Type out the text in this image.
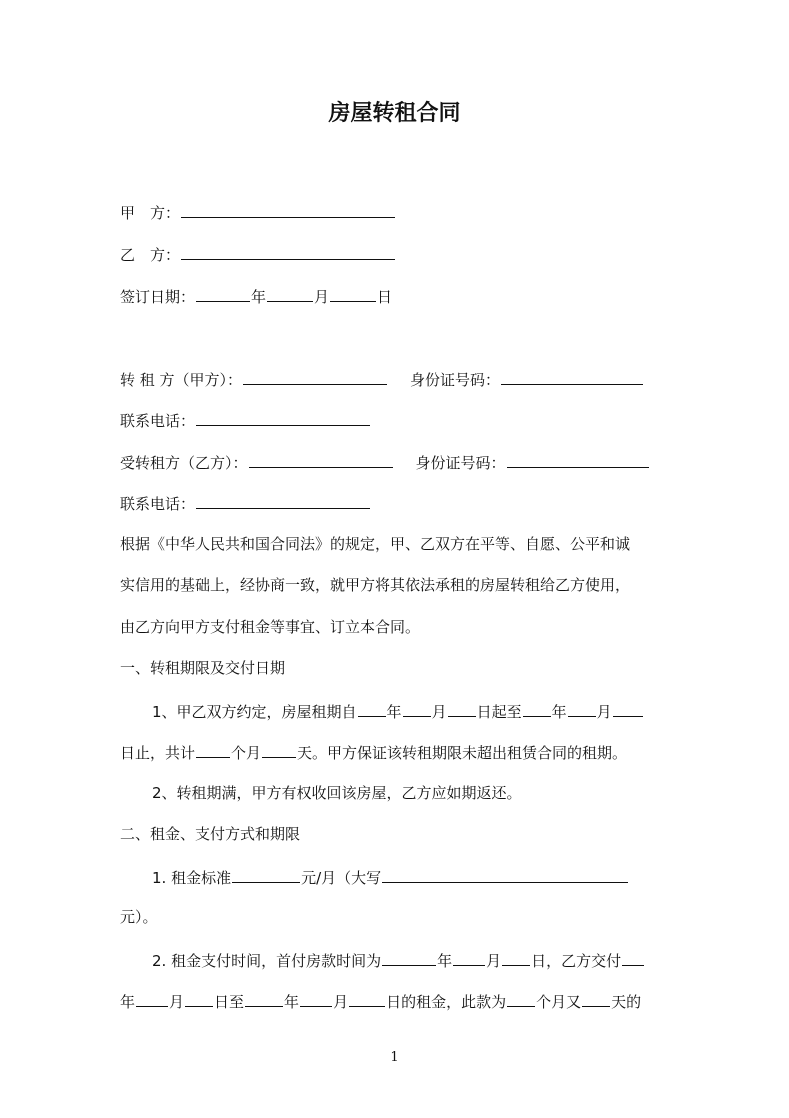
房屋转租合同
甲　方：
乙　方：
签订日期：	年	月	日
转 租 方（甲方）：	身份证号码：
联系电话：
受转租方（乙方）：	身份证号码：
联系电话：
根据《中华人民共和国合同法》的规定，甲、乙双方在平等、自愿、公平和诚
实信用的基础上，经协商一致，就甲方将其依法承租的房屋转租给乙方使用，
由乙方向甲方支付租金等事宜、订立本合同。
一、转租期限及交付日期
1、甲乙双方约定，房屋租期自 年 月 日起至 年 月
日止，共计 个月 天。甲方保证该转租期限未超出租赁合同的租期。
2、转租期满，甲方有权收回该房屋，乙方应如期返还。
二、租金、支付方式和期限
1. 租金标准	元/月（大写
元）。
2. 租金支付时间，首付房款时间为	年 月 日，乙方交付
年 月 日至	年 月	日的租金，此款为 个月又 天的
1
